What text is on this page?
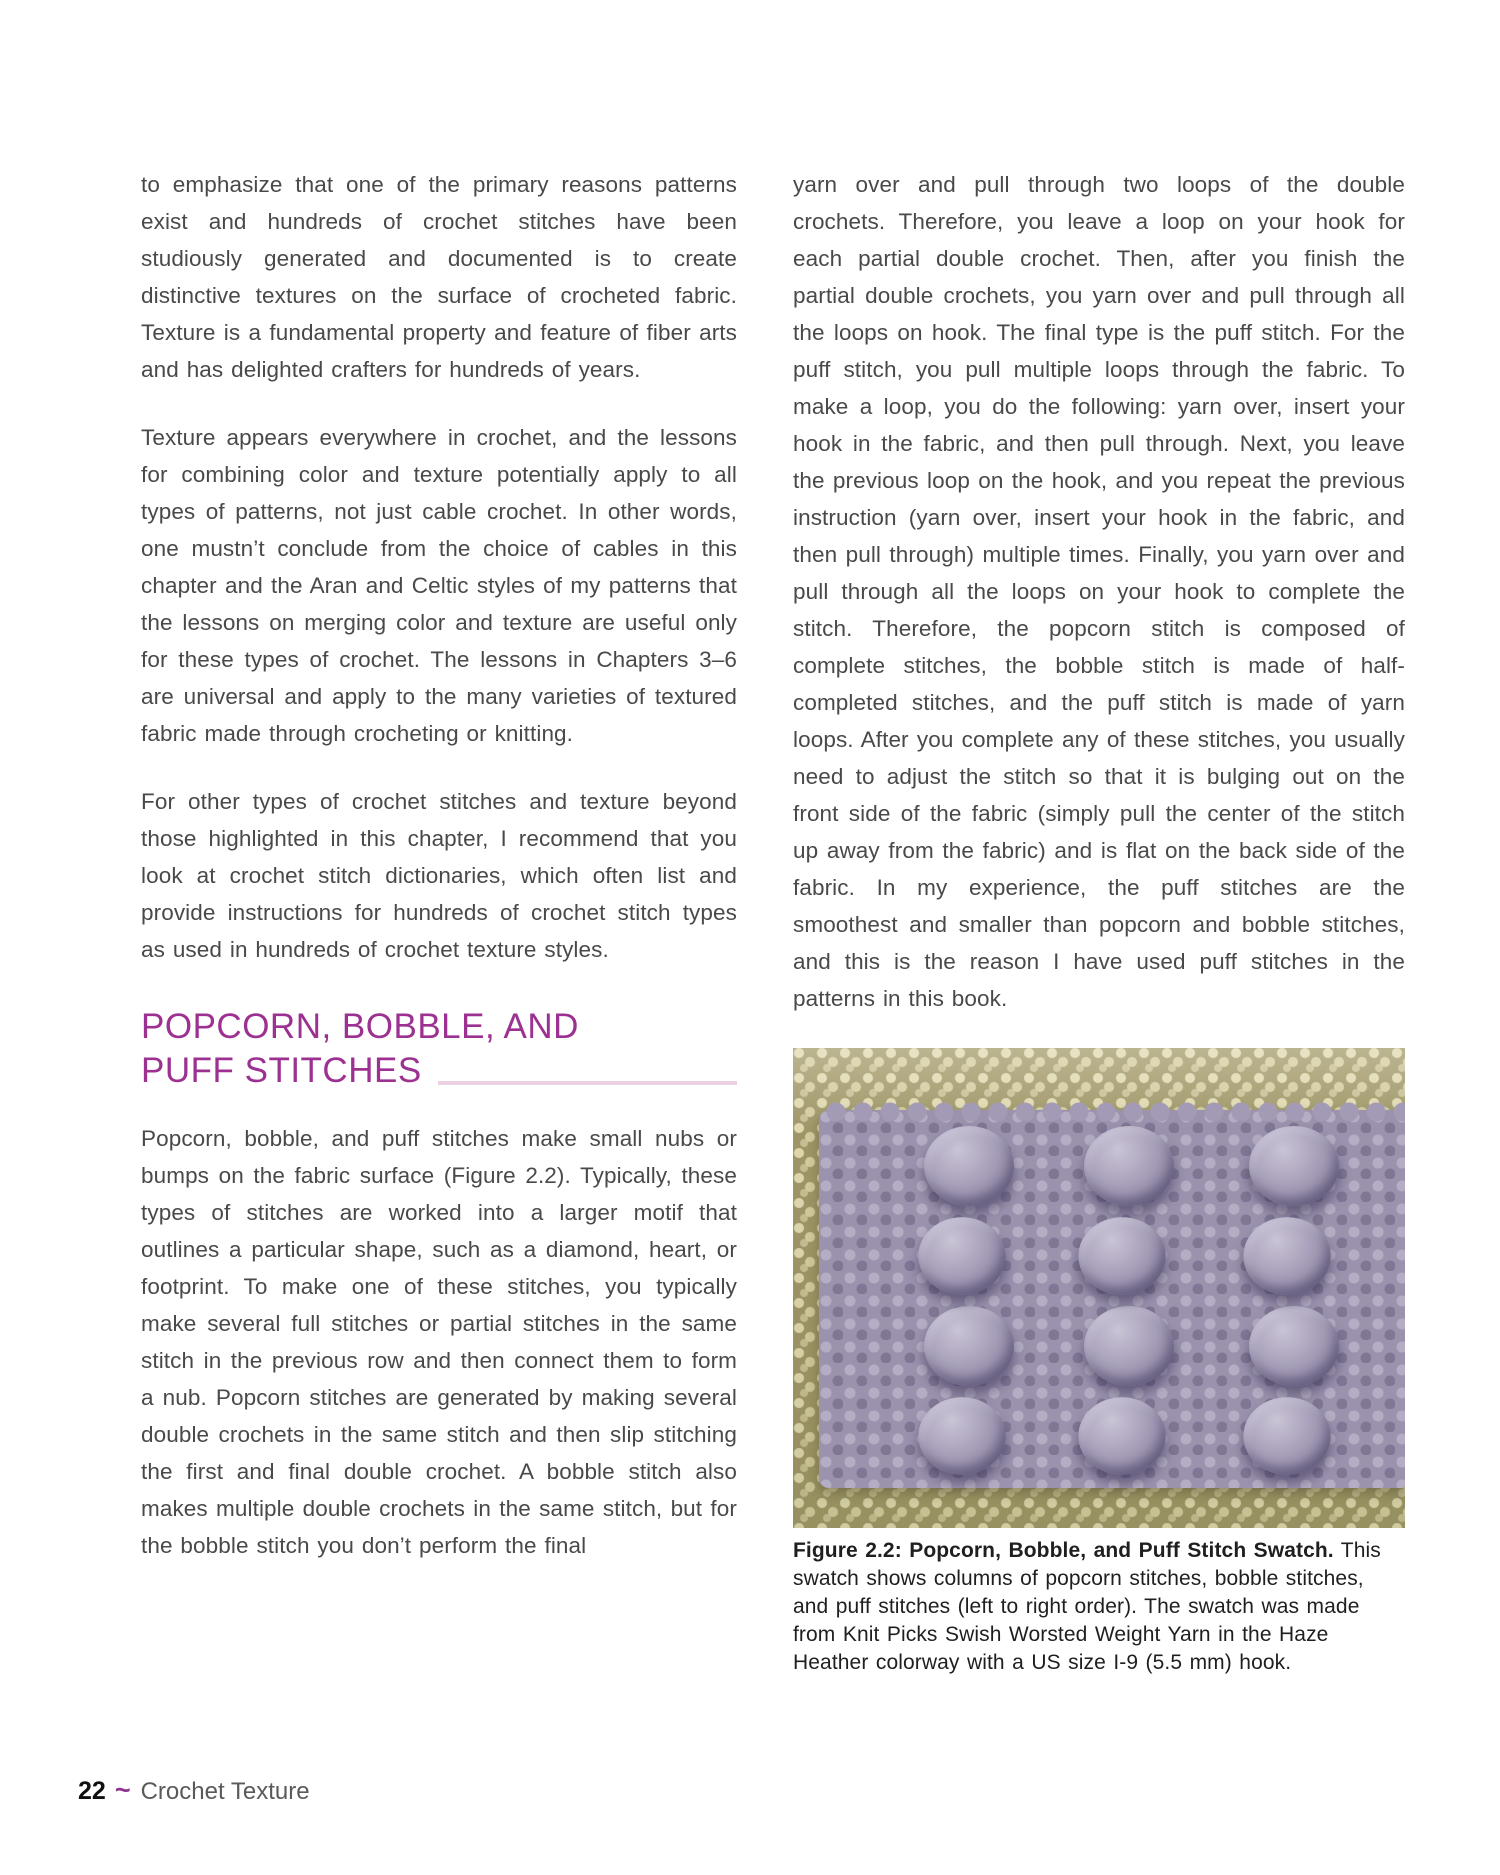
to emphasize that one of the primary reasons patterns exist and hundreds of crochet stitches have been studiously generated and documented is to create distinctive textures on the surface of crocheted fabric. Texture is a fundamental property and feature of fiber arts and has delighted crafters for hundreds of years.

Texture appears everywhere in crochet, and the lessons for combining color and texture potentially apply to all types of patterns, not just cable crochet. In other words, one mustn’t conclude from the choice of cables in this chapter and the Aran and Celtic styles of my patterns that the lessons on merging color and texture are useful only for these types of crochet. The lessons in Chapters 3–6 are universal and apply to the many varieties of textured fabric made through crocheting or knitting.

For other types of crochet stitches and texture beyond those highlighted in this chapter, I recommend that you look at crochet stitch dictionaries, which often list and provide instructions for hundreds of crochet stitch types as used in hundreds of crochet texture styles.

POPCORN, BOBBLE, AND
PUFF STITCHES

Popcorn, bobble, and puff stitches make small nubs or bumps on the fabric surface (Figure 2.2). Typically, these types of stitches are worked into a larger motif that outlines a particular shape, such as a diamond, heart, or footprint. To make one of these stitches, you typically make several full stitches or partial stitches in the same stitch in the previous row and then connect them to form a nub. Popcorn stitches are generated by making several double crochets in the same stitch and then slip stitching the first and final double crochet. A bobble stitch also makes multiple double crochets in the same stitch, but for the bobble stitch you don’t perform the final

yarn over and pull through two loops of the double crochets. Therefore, you leave a loop on your hook for each partial double crochet. Then, after you finish the partial double crochets, you yarn over and pull through all the loops on hook. The final type is the puff stitch. For the puff stitch, you pull multiple loops through the fabric. To make a loop, you do the following: yarn over, insert your hook in the fabric, and then pull through. Next, you leave the previous loop on the hook, and you repeat the previous instruction (yarn over, insert your hook in the fabric, and then pull through) multiple times. Finally, you yarn over and pull through all the loops on your hook to complete the stitch. Therefore, the popcorn stitch is composed of complete stitches, the bobble stitch is made of half-completed stitches, and the puff stitch is made of yarn loops. After you complete any of these stitches, you usually need to adjust the stitch so that it is bulging out on the front side of the fabric (simply pull the center of the stitch up away from the fabric) and is flat on the back side of the fabric. In my experience, the puff stitches are the smoothest and smaller than popcorn and bobble stitches, and this is the reason I have used puff stitches in the patterns in this book.

Figure 2.2: Popcorn, Bobble, and Puff Stitch Swatch. This swatch shows columns of popcorn stitches, bobble stitches, and puff stitches (left to right order). The swatch was made from Knit Picks Swish Worsted Weight Yarn in the Haze Heather colorway with a US size I-9 (5.5 mm) hook.
22 ~ Crochet Texture
